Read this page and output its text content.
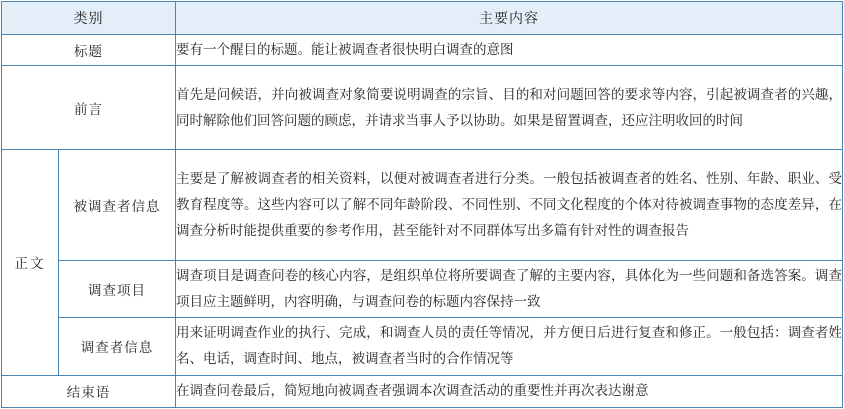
类别		主要内容
标题		要有一个醒目的标题。能让被调查者很快明白调查的意图
前言		首先是问候语，并向被调查对象简要说明调查的宗旨、目的和对问题回答的要求等内容，引起被调查者的兴趣，同时解除他们回答问题的顾虑，并请求当事人予以协助。如果是留置调查，还应注明收回的时间
正文	被调查者信息	主要是了解被调查者的相关资料，以便对被调查者进行分类。一般包括被调查者的姓名、性别、年龄、职业、受教育程度等。这些内容可以了解不同年龄阶段、不同性别、不同文化程度的个体对待被调查事物的态度差异，在调查分析时能提供重要的参考作用，甚至能针对不同群体写出多篇有针对性的调查报告
	调查项目	调查项目是调查问卷的核心内容，是组织单位将所要调查了解的主要内容，具体化为一些问题和备选答案。调查项目应主题鲜明，内容明确，与调查问卷的标题内容保持一致
	调查者信息	用来证明调查作业的执行、完成，和调查人员的责任等情况，并方便日后进行复查和修正。一般包括：调查者姓名、电话，调查时间、地点，被调查者当时的合作情况等
结束语		在调查问卷最后，简短地向被调查者强调本次调查活动的重要性并再次表达谢意
